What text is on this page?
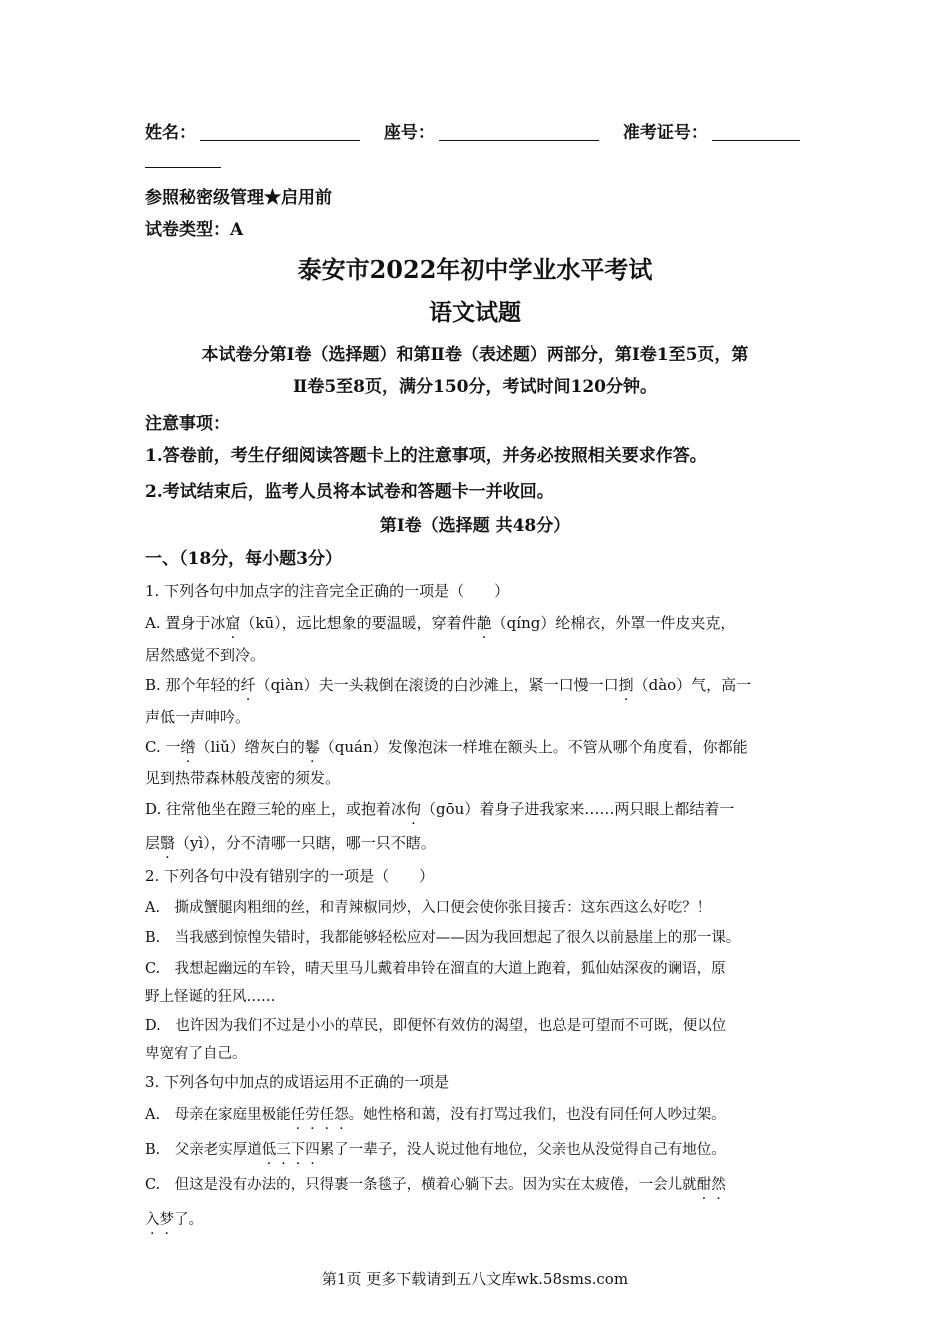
姓名：	座号：	准考证号：
参照秘密级管理★启用前
试卷类型：A
泰安市2022年初中学业水平考试
语文试题
本试卷分第Ⅰ卷（选择题）和第Ⅱ卷（表述题）两部分，第Ⅰ卷1至5页，第
Ⅱ卷5至8页，满分150分，考试时间120分钟。
注意事项：
1.答卷前，考生仔细阅读答题卡上的注意事项，并务必按照相关要求作答。
2.考试结束后，监考人员将本试卷和答题卡一并收回。
第Ⅰ卷（选择题 共48分）
一、（18分，每小题3分）
1. 下列各句中加点字的注音完全正确的一项是（　　）
A. 置身于冰窟（kū），远比想象的要温暖，穿着件靘（qíng）纶棉衣，外罩一件皮夹克，
居然感觉不到冷。
B. 那个年轻的纤（qiàn）夫一头栽倒在滚烫的白沙滩上，紧一口慢一口捯（dào）气，高一
声低一声呻吟。
C. 一绺（liǔ）绺灰白的鬈（quán）发像泡沫一样堆在额头上。不管从哪个角度看，你都能
见到热带森林般茂密的须发。
D. 往常他坐在蹬三轮的座上，或抱着冰佝（gōu）着身子进我家来……两只眼上都结着一
层翳（yì），分不清哪一只瞎，哪一只不瞎。
2. 下列各句中没有错别字的一项是（　　）
A.　撕成蟹腿肉粗细的丝，和青辣椒同炒，入口便会使你张目接舌：这东西这么好吃？！
B.　当我感到惊惶失错时，我都能够轻松应对——因为我回想起了很久以前悬崖上的那一课。
C.　我想起幽远的车铃，晴天里马儿戴着串铃在溜直的大道上跑着，狐仙姑深夜的谰语，原
野上怪诞的狂风……
D.　也许因为我们不过是小小的草民，即便怀有效仿的渴望，也总是可望而不可既，便以位
卑宽宥了自己。
3. 下列各句中加点的成语运用不正确的一项是
A.　母亲在家庭里极能任劳任怨。她性格和蔼，没有打骂过我们，也没有同任何人吵过架。
B.　父亲老实厚道低三下四累了一辈子，没人说过他有地位，父亲也从没觉得自己有地位。
C.　但这是没有办法的，只得裹一条毯子，横着心躺下去。因为实在太疲倦，一会儿就酣然
入梦了。
第1页 更多下载请到五八文库wk.58sms.com
